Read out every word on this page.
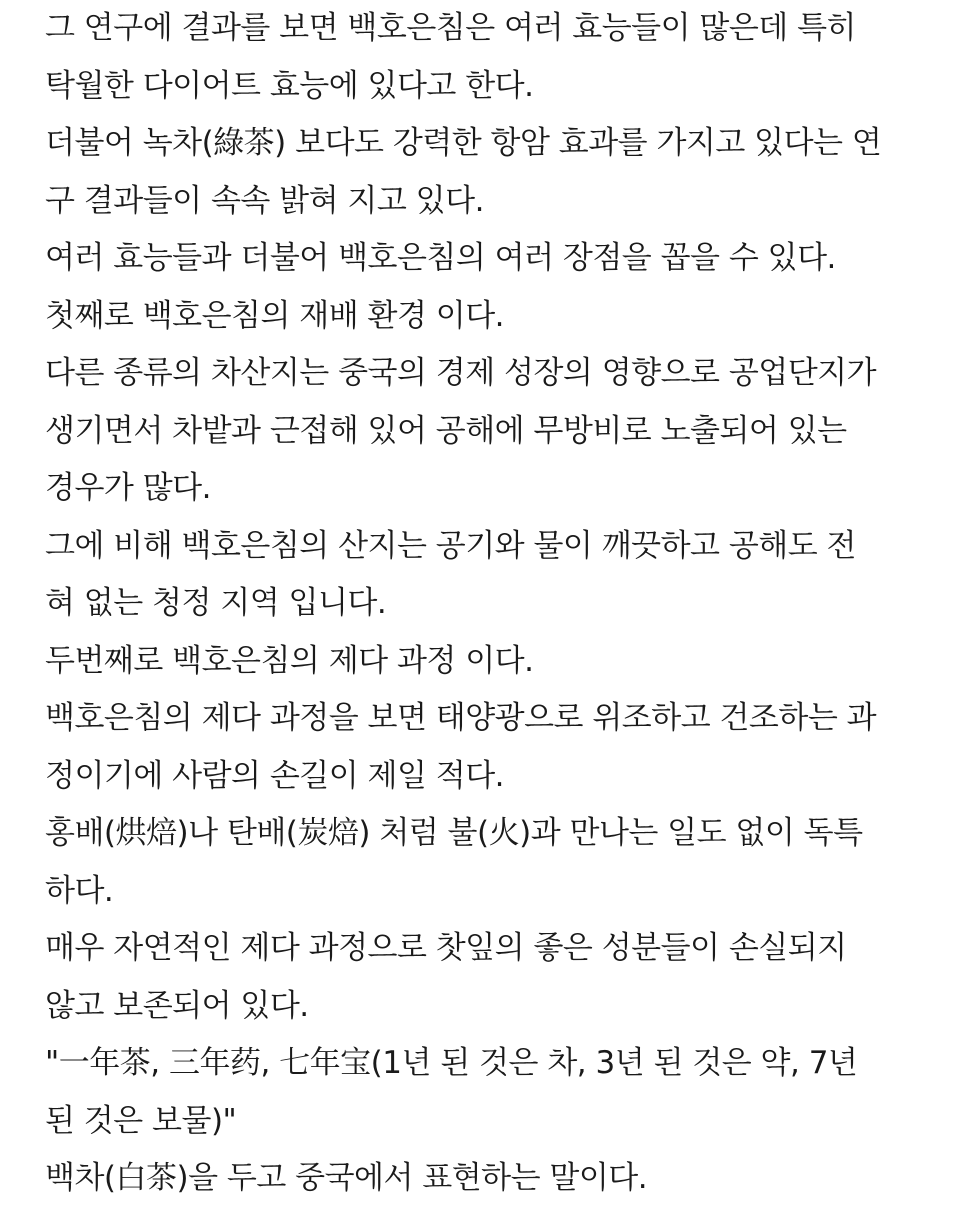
그 연구에 결과를 보면 백호은침은 여러 효능들이 많은데 특히
탁월한 다이어트 효능에 있다고 한다.
더불어 녹차(綠茶) 보다도 강력한 항암 효과를 가지고 있다는 연
구 결과들이 속속 밝혀 지고 있다.
여러 효능들과 더불어 백호은침의 여러 장점을 꼽을 수 있다.
첫째로 백호은침의 재배 환경 이다.
다른 종류의 차산지는 중국의 경제 성장의 영향으로 공업단지가
생기면서 차밭과 근접해 있어 공해에 무방비로 노출되어 있는
경우가 많다.
그에 비해 백호은침의 산지는 공기와 물이 깨끗하고 공해도 전
혀 없는 청정 지역 입니다.
두번째로 백호은침의 제다 과정 이다.
백호은침의 제다 과정을 보면 태양광으로 위조하고 건조하는 과
정이기에 사람의 손길이 제일 적다.
홍배(烘焙)나 탄배(炭焙) 처럼 불(火)과 만나는 일도 없이 독특
하다.
매우 자연적인 제다 과정으로 찻잎의 좋은 성분들이 손실되지
않고 보존되어 있다.
"一年茶, 三年药, 七年宝(1년 된 것은 차, 3년 된 것은 약, 7년
된 것은 보물)"
백차(白茶)을 두고 중국에서 표현하는 말이다.
